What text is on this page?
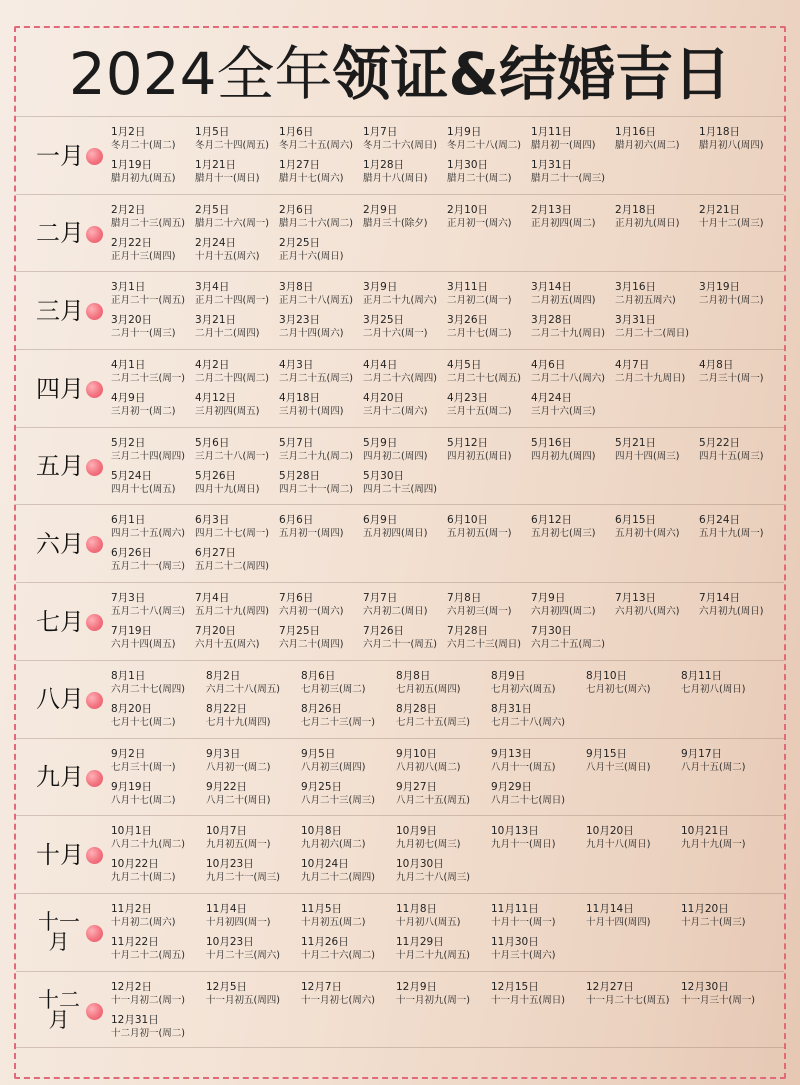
2024全年领证&结婚吉日
一月
1月2日
冬月二十(周二)
1月5日
冬月二十四(周五)
1月6日
冬月二十五(周六)
1月7日
冬月二十六(周日)
1月9日
冬月二十八(周二)
1月11日
腊月初一(周四)
1月16日
腊月初六(周二)
1月18日
腊月初八(周四)
1月19日
腊月初九(周五)
1月21日
腊月十一(周日)
1月27日
腊月十七(周六)
1月28日
腊月十八(周日)
1月30日
腊月二十(周二)
1月31日
腊月二十一(周三)
二月
2月2日
腊月二十三(周五)
2月5日
腊月二十六(周一)
2月6日
腊月二十六(周二)
2月9日
腊月三十(除夕)
2月10日
正月初一(周六)
2月13日
正月初四(周二)
2月18日
正月初九(周日)
2月21日
十月十二(周三)
2月22日
正月十三(周四)
2月24日
十月十五(周六)
2月25日
正月十六(周日)
三月
3月1日
正月二十一(周五)
3月4日
正月二十四(周一)
3月8日
正月二十八(周五)
3月9日
正月二十九(周六)
3月11日
二月初二(周一)
3月14日
二月初五(周四)
3月16日
二月初五周六)
3月19日
二月初十(周二)
3月20日
二月十一(周三)
3月21日
二月十二(周四)
3月23日
二月十四(周六)
3月25日
二月十六(周一)
3月26日
二月十七(周二)
3月28日
二月二十九(周日)
3月31日
二月二十二(周日)
四月
4月1日
二月二十三(周一)
4月2日
二月二十四(周二)
4月3日
二月二十五(周三)
4月4日
二月二十六(周四)
4月5日
二月二十七(周五)
4月6日
二月二十八(周六)
4月7日
二月二十九周日)
4月8日
二月三十(周一)
4月9日
三月初一(周二)
4月12日
三月初四(周五)
4月18日
三月初十(周四)
4月20日
三月十二(周六)
4月23日
三月十五(周二)
4月24日
三月十六(周三)
五月
5月2日
三月二十四(周四)
5月6日
三月二十八(周一)
5月7日
三月二十九(周二)
5月9日
四月初二(周四)
5月12日
四月初五(周日)
5月16日
四月初九(周四)
5月21日
四月十四(周三)
5月22日
四月十五(周三)
5月24日
四月十七(周五)
5月26日
四月十九(周日)
5月28日
四月二十一(周二)
5月30日
四月二十三(周四)
六月
6月1日
四月二十五(周六)
6月3日
四月二十七(周一)
6月6日
五月初一(周四)
6月9日
五月初四(周日)
6月10日
五月初五(周一)
6月12日
五月初七(周三)
6月15日
五月初十(周六)
6月24日
五月十九(周一)
6月26日
五月二十一(周三)
6月27日
五月二十二(周四)
七月
7月3日
五月二十八(周三)
7月4日
五月二十九(周四)
7月6日
六月初一(周六)
7月7日
六月初二(周日)
7月8日
六月初三(周一)
7月9日
六月初四(周二)
7月13日
六月初八(周六)
7月14日
六月初九(周日)
7月19日
六月十四(周五)
7月20日
六月十五(周六)
7月25日
六月二十(周四)
7月26日
六月二十一(周五)
7月28日
六月二十三(周日)
7月30日
六月二十五(周二)
八月
8月1日
六月二十七(周四)
8月2日
六月二十八(周五)
8月6日
七月初三(周二)
8月8日
七月初五(周四)
8月9日
七月初六(周五)
8月10日
七月初七(周六)
8月11日
七月初八(周日)
8月20日
七月十七(周二)
8月22日
七月十九(周四)
8月26日
七月二十三(周一)
8月28日
七月二十五(周三)
8月31日
七月二十八(周六)
九月
9月2日
七月三十(周一)
9月3日
八月初一(周二)
9月5日
八月初三(周四)
9月10日
八月初八(周二)
9月13日
八月十一(周五)
9月15日
八月十三(周日)
9月17日
八月十五(周二)
9月19日
八月十七(周二)
9月22日
八月二十(周日)
9月25日
八月二十三(周三)
9月27日
八月二十五(周五)
9月29日
八月二十七(周日)
十月
10月1日
八月二十九(周二)
10月7日
九月初五(周一)
10月8日
九月初六(周二)
10月9日
九月初七(周三)
10月13日
九月十一(周日)
10月20日
九月十八(周日)
10月21日
九月十九(周一)
10月22日
九月二十(周二)
10月23日
九月二十一(周三)
10月24日
九月二十二(周四)
10月30日
九月二十八(周三)
十一月
11月2日
十月初二(周六)
11月4日
十月初四(周一)
11月5日
十月初五(周二)
11月8日
十月初八(周五)
11月11日
十月十一(周一)
11月14日
十月十四(周四)
11月20日
十月二十(周三)
11月22日
十月二十二(周五)
10月23日
十月二十三(周六)
11月26日
十月二十六(周二)
11月29日
十月二十九(周五)
11月30日
十月三十(周六)
十二月
12月2日
十一月初二(周一)
12月5日
十一月初五(周四)
12月7日
十一月初七(周六)
12月9日
十一月初九(周一)
12月15日
十一月十五(周日)
12月27日
十一月二十七(周五)
12月30日
十一月三十(周一)
12月31日
十二月初一(周二)
